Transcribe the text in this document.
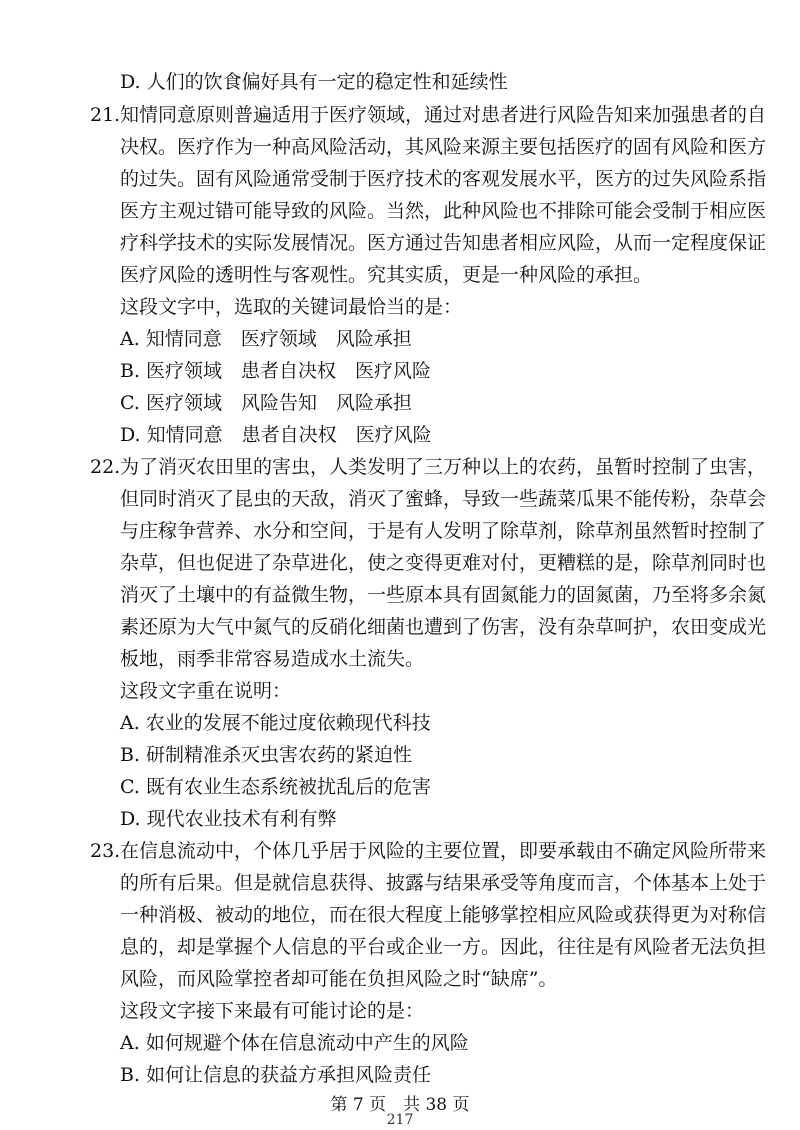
D. 人们的饮食偏好具有一定的稳定性和延续性
21. 知情同意原则普遍适用于医疗领域，通过对患者进行风险告知来加强患者的自
决权。医疗作为一种高风险活动，其风险来源主要包括医疗的固有风险和医方
的过失。固有风险通常受制于医疗技术的客观发展水平，医方的过失风险系指
医方主观过错可能导致的风险。当然，此种风险也不排除可能会受制于相应医
疗科学技术的实际发展情况。医方通过告知患者相应风险，从而一定程度保证
医疗风险的透明性与客观性。究其实质，更是一种风险的承担。
这段文字中，选取的关键词最恰当的是：
A. 知情同意　医疗领域　风险承担
B. 医疗领域　患者自决权　医疗风险
C. 医疗领域　风险告知　风险承担
D. 知情同意　患者自决权　医疗风险
22. 为了消灭农田里的害虫，人类发明了三万种以上的农药，虽暂时控制了虫害，
但同时消灭了昆虫的天敌，消灭了蜜蜂，导致一些蔬菜瓜果不能传粉，杂草会
与庄稼争营养、水分和空间，于是有人发明了除草剂，除草剂虽然暂时控制了
杂草，但也促进了杂草进化，使之变得更难对付，更糟糕的是，除草剂同时也
消灭了土壤中的有益微生物，一些原本具有固氮能力的固氮菌，乃至将多余氮
素还原为大气中氮气的反硝化细菌也遭到了伤害，没有杂草呵护，农田变成光
板地，雨季非常容易造成水土流失。
这段文字重在说明：
A. 农业的发展不能过度依赖现代科技
B. 研制精准杀灭虫害农药的紧迫性
C. 既有农业生态系统被扰乱后的危害
D. 现代农业技术有利有弊
23. 在信息流动中，个体几乎居于风险的主要位置，即要承载由不确定风险所带来
的所有后果。但是就信息获得、披露与结果承受等角度而言，个体基本上处于
一种消极、被动的地位，而在很大程度上能够掌控相应风险或获得更为对称信
息的，却是掌握个人信息的平台或企业一方。因此，往往是有风险者无法负担
风险，而风险掌控者却可能在负担风险之时“缺席”。
这段文字接下来最有可能讨论的是：
A. 如何规避个体在信息流动中产生的风险
B. 如何让信息的获益方承担风险责任
第 7 页　共 38 页
217
